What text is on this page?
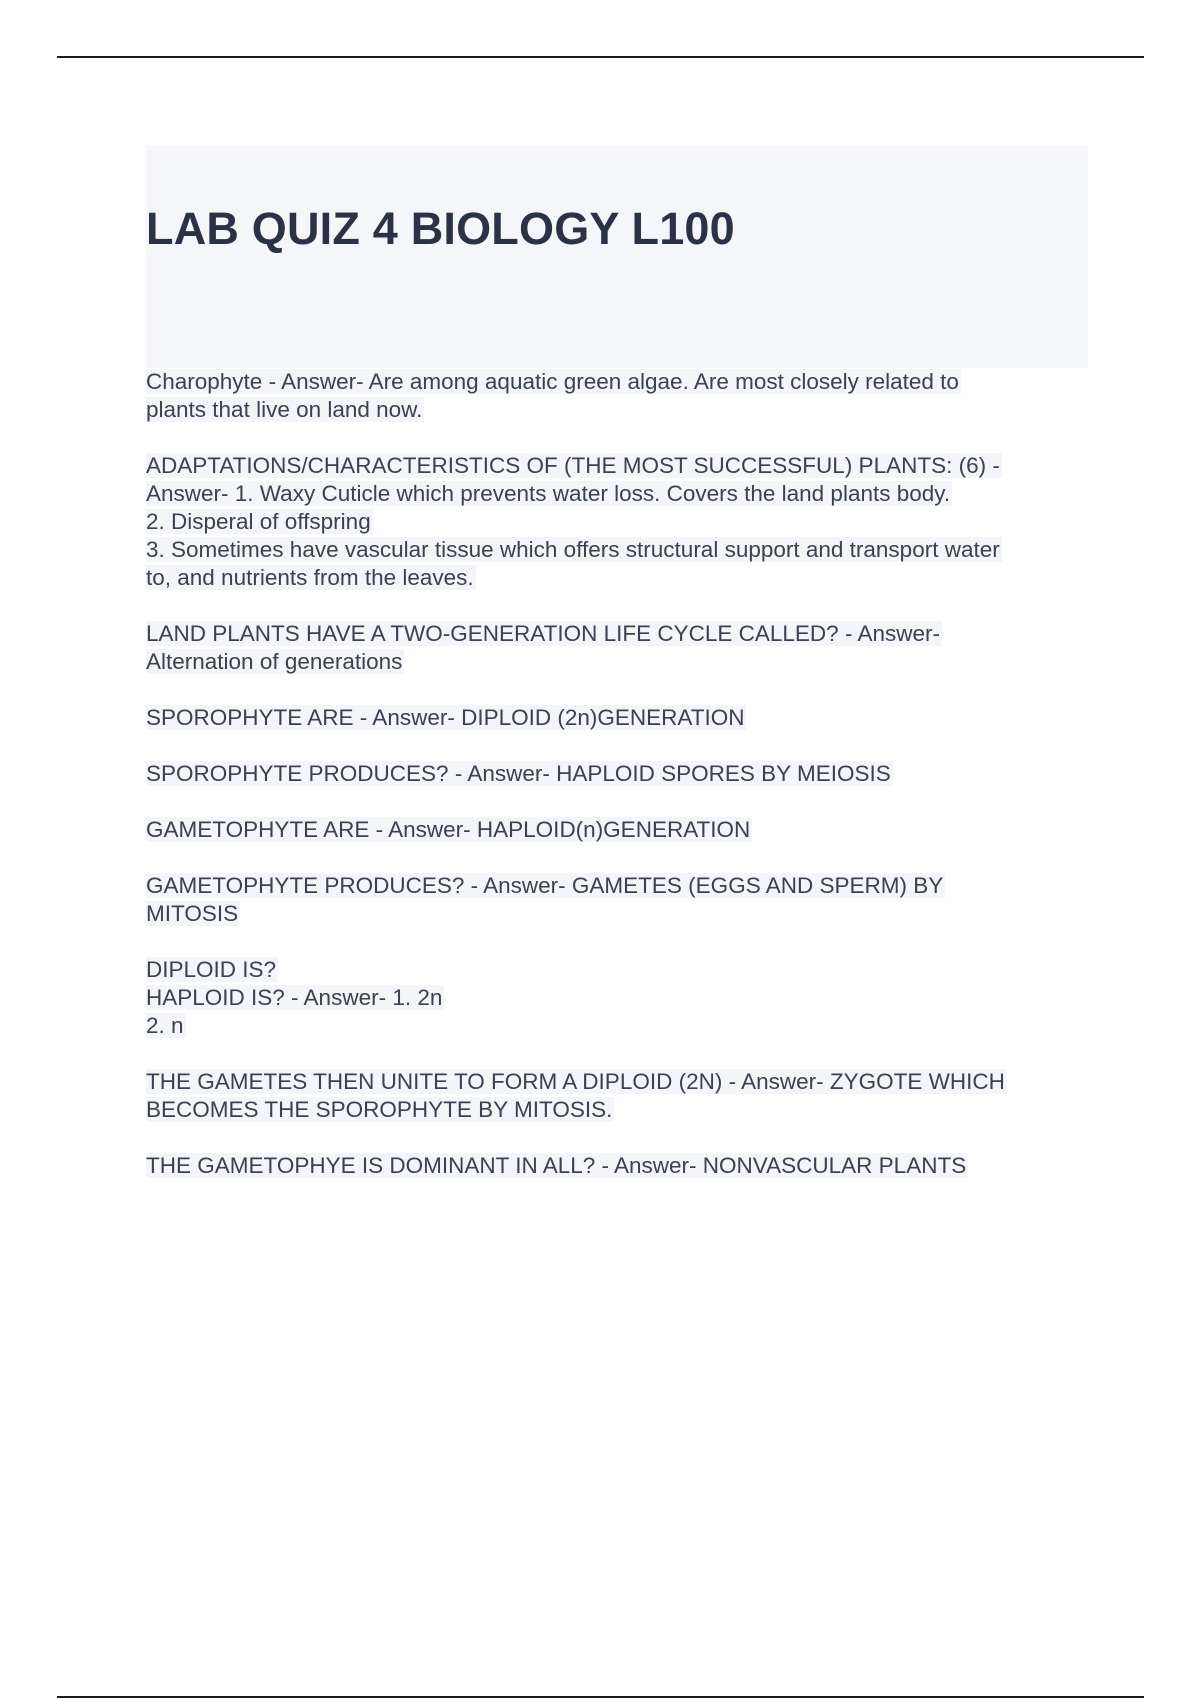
LAB QUIZ 4 BIOLOGY L100
Charophyte - Answer- Are among aquatic green algae. Are most closely related to
plants that live on land now.
ADAPTATIONS/CHARACTERISTICS OF (THE MOST SUCCESSFUL) PLANTS: (6) -
Answer- 1. Waxy Cuticle which prevents water loss. Covers the land plants body.
2. Disperal of offspring
3. Sometimes have vascular tissue which offers structural support and transport water
to, and nutrients from the leaves.
LAND PLANTS HAVE A TWO-GENERATION LIFE CYCLE CALLED? - Answer-
Alternation of generations
SPOROPHYTE ARE - Answer- DIPLOID (2n)GENERATION
SPOROPHYTE PRODUCES? - Answer- HAPLOID SPORES BY MEIOSIS
GAMETOPHYTE ARE - Answer- HAPLOID(n)GENERATION
GAMETOPHYTE PRODUCES? - Answer- GAMETES (EGGS AND SPERM) BY
MITOSIS
DIPLOID IS?
HAPLOID IS? - Answer- 1. 2n
2. n
THE GAMETES THEN UNITE TO FORM A DIPLOID (2N) - Answer- ZYGOTE WHICH
BECOMES THE SPOROPHYTE BY MITOSIS.
THE GAMETOPHYE IS DOMINANT IN ALL? - Answer- NONVASCULAR PLANTS
